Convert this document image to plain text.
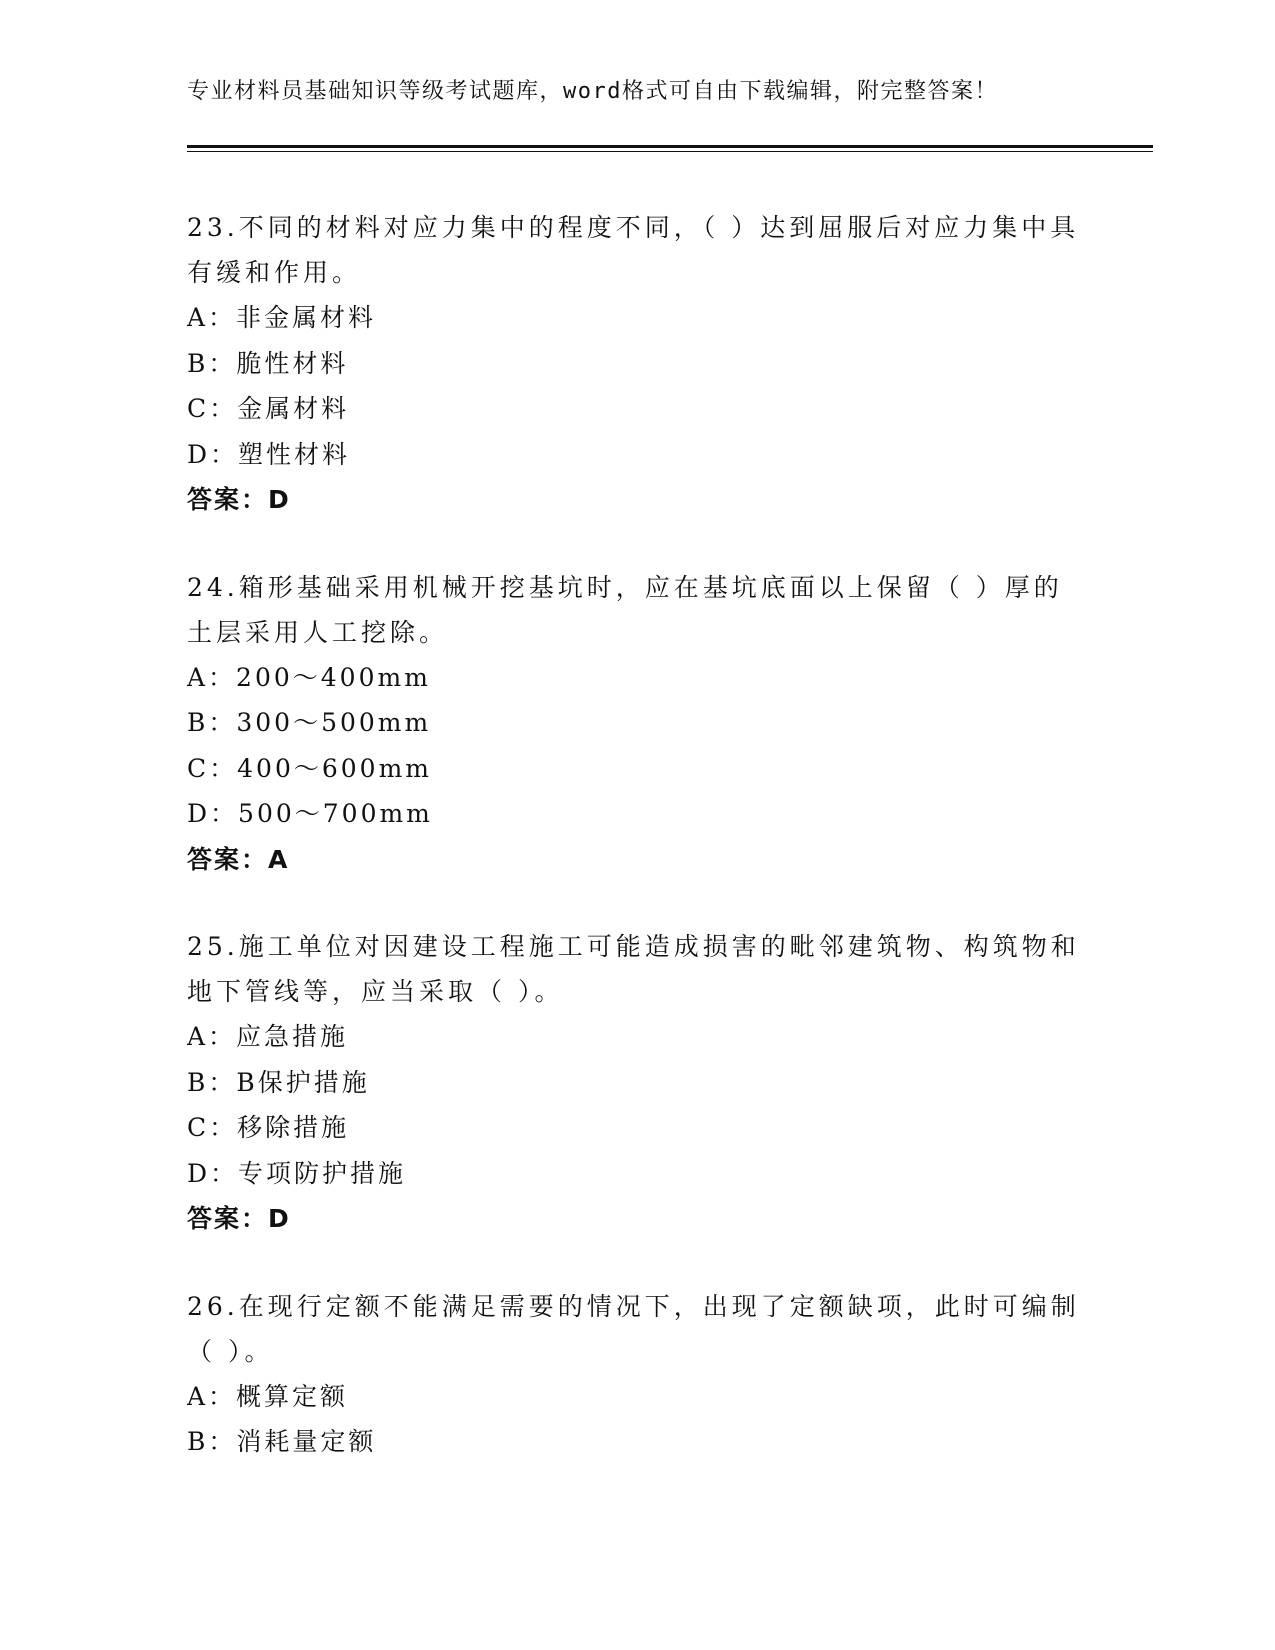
专业材料员基础知识等级考试题库，word格式可自由下载编辑，附完整答案！

23.不同的材料对应力集中的程度不同，（ ）达到屈服后对应力集中具有缓和作用。

A：非金属材料

B：脆性材料

C：金属材料

D：塑性材料

答案：D

24.箱形基础采用机械开挖基坑时，应在基坑底面以上保留（ ）厚的土层采用人工挖除。

A：200～400mm

B：300～500mm

C：400～600mm

D：500～700mm

答案：A

25.施工单位对因建设工程施工可能造成损害的毗邻建筑物、构筑物和地下管线等，应当采取（ ）。

A：应急措施

B：B保护措施

C：移除措施

D：专项防护措施

答案：D

26.在现行定额不能满足需要的情况下，出现了定额缺项，此时可编制（ ）。

A：概算定额

B：消耗量定额
